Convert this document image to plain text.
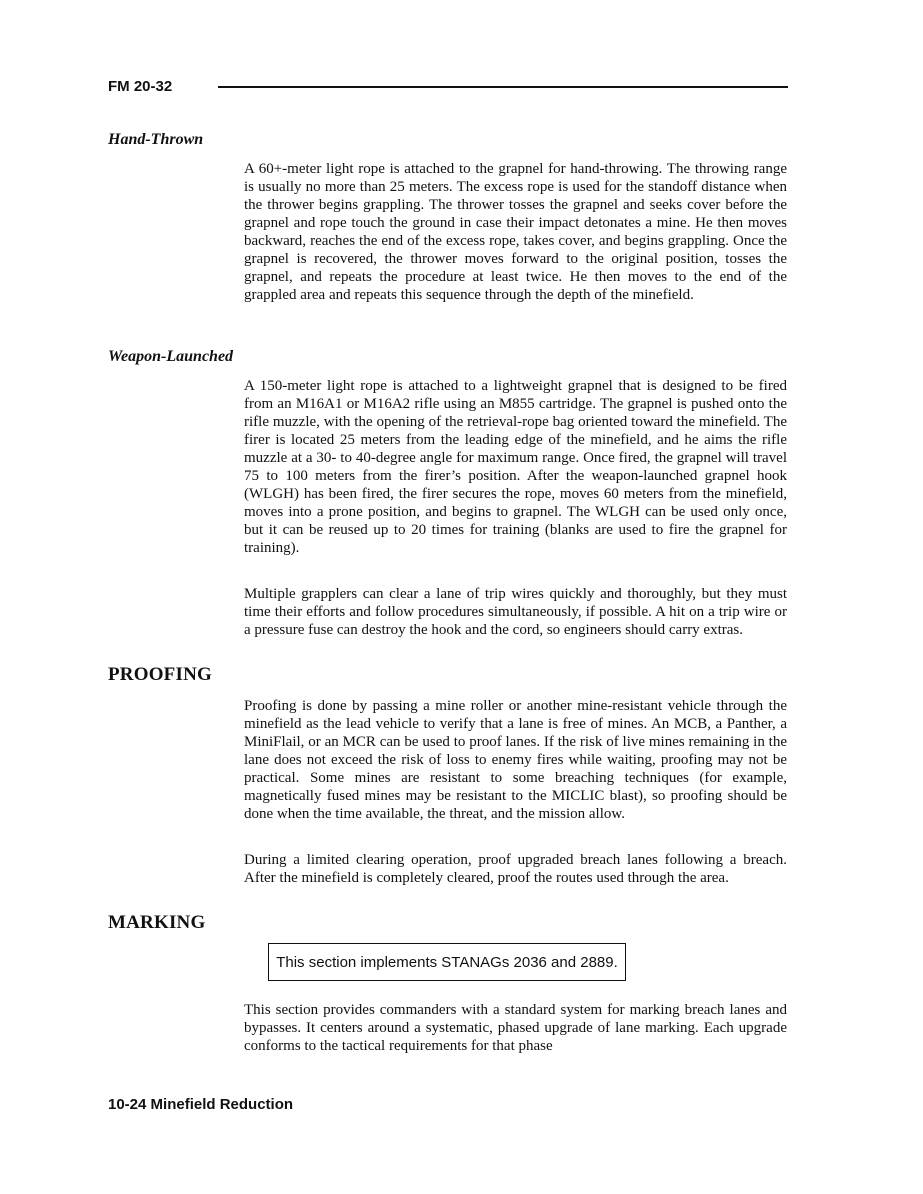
FM 20-32
Hand-Thrown

A 60+-meter light rope is attached to the grapnel for hand-throwing. The throwing range is usually no more than 25 meters. The excess rope is used for the standoff distance when the thrower begins grappling. The thrower tosses the grapnel and seeks cover before the grapnel and rope touch the ground in case their impact detonates a mine. He then moves backward, reaches the end of the excess rope, takes cover, and begins grappling. Once the grapnel is recovered, the thrower moves forward to the original position, tosses the grapnel, and repeats the procedure at least twice. He then moves to the end of the grappled area and repeats this sequence through the depth of the minefield.

Weapon-Launched

A 150-meter light rope is attached to a lightweight grapnel that is designed to be fired from an M16A1 or M16A2 rifle using an M855 cartridge. The grapnel is pushed onto the rifle muzzle, with the opening of the retrieval-rope bag oriented toward the minefield. The firer is located 25 meters from the leading edge of the minefield, and he aims the rifle muzzle at a 30- to 40-degree angle for maximum range. Once fired, the grapnel will travel 75 to 100 meters from the firer’s position. After the weapon-launched grapnel hook (WLGH) has been fired, the firer secures the rope, moves 60 meters from the minefield, moves into a prone position, and begins to grapnel. The WLGH can be used only once, but it can be reused up to 20 times for training (blanks are used to fire the grapnel for training).

Multiple grapplers can clear a lane of trip wires quickly and thoroughly, but they must time their efforts and follow procedures simultaneously, if possible. A hit on a trip wire or a pressure fuse can destroy the hook and the cord, so engineers should carry extras.

PROOFING

Proofing is done by passing a mine roller or another mine-resistant vehicle through the minefield as the lead vehicle to verify that a lane is free of mines. An MCB, a Panther, a MiniFlail, or an MCR can be used to proof lanes. If the risk of live mines remaining in the lane does not exceed the risk of loss to enemy fires while waiting, proofing may not be practical. Some mines are resistant to some breaching techniques (for example, magnetically fused mines may be resistant to the MICLIC blast), so proofing should be done when the time available, the threat, and the mission allow.

During a limited clearing operation, proof upgraded breach lanes following a breach. After the minefield is completely cleared, proof the routes used through the area.

MARKING
This section implements STANAGs 2036 and 2889.

This section provides commanders with a standard system for marking breach lanes and bypasses. It centers around a systematic, phased upgrade of lane marking. Each upgrade conforms to the tactical requirements for that phase

10-24 Minefield Reduction
